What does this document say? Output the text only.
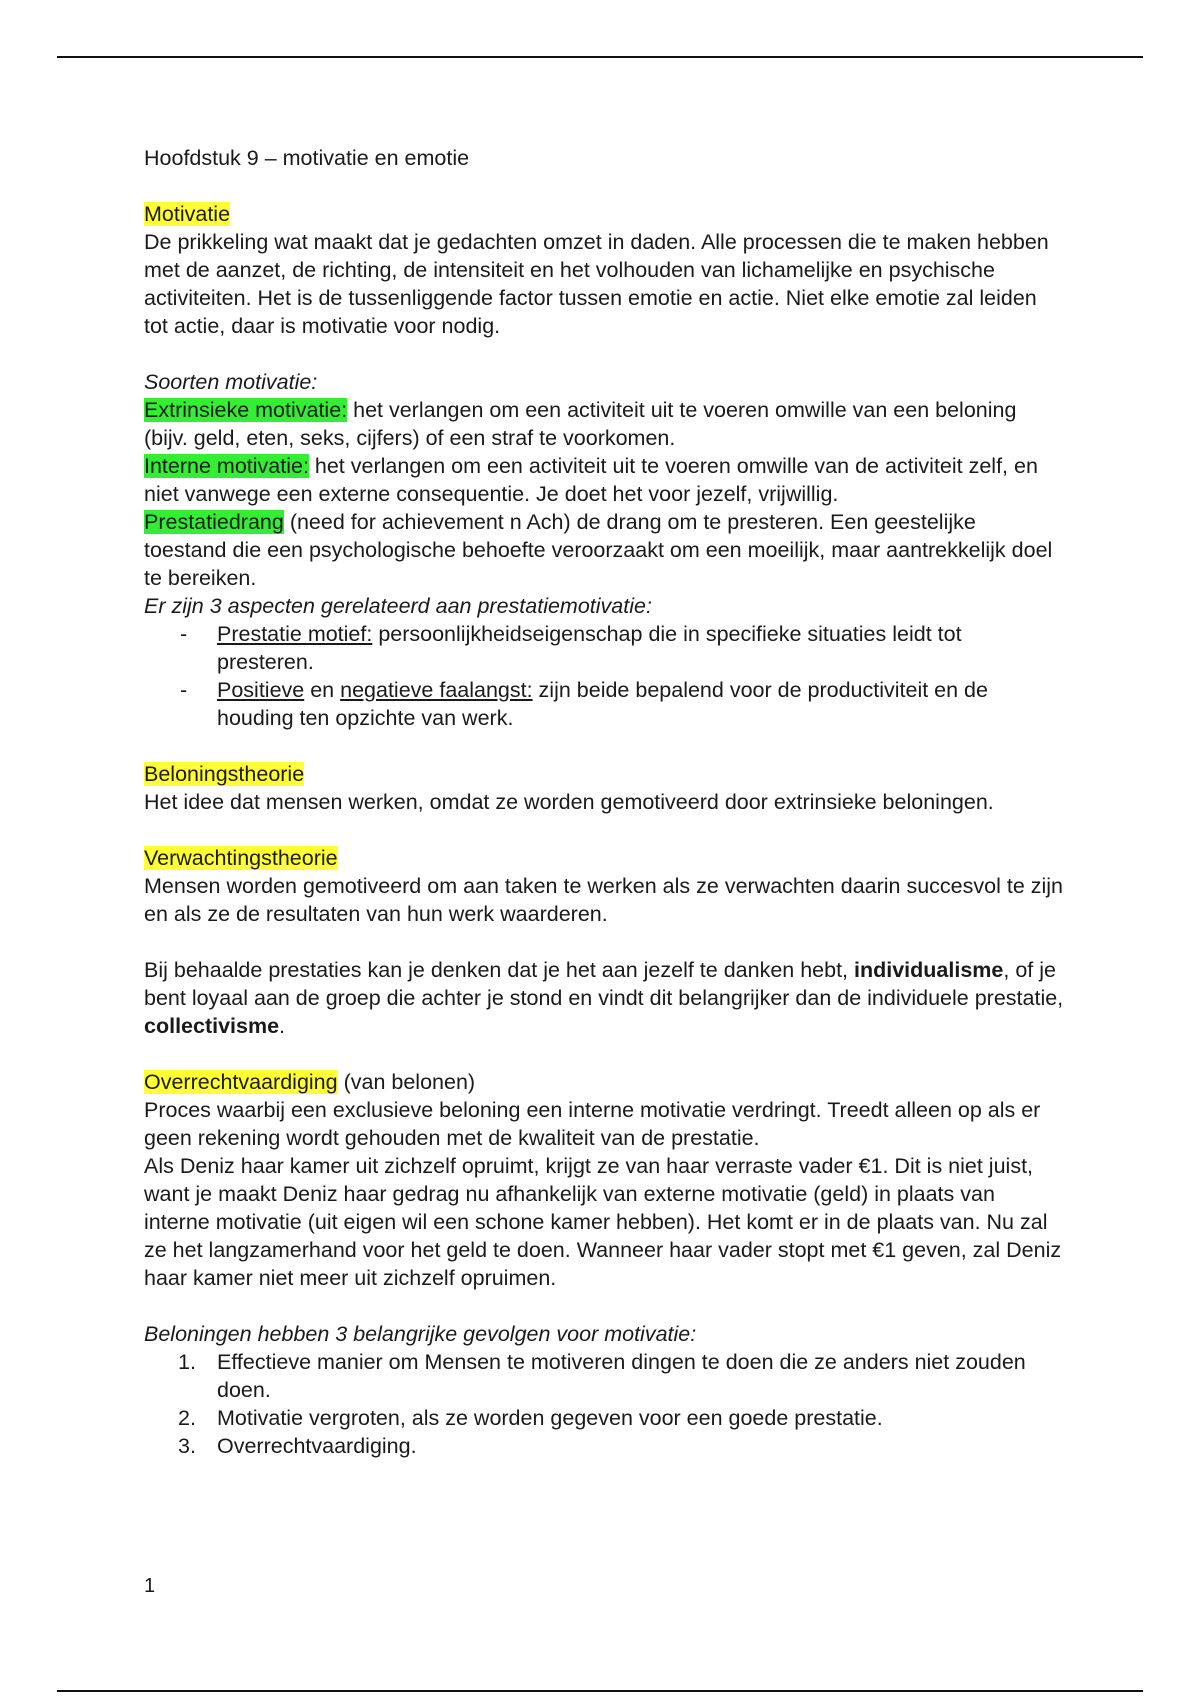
Hoofdstuk 9 – motivatie en emotie

Motivatie
De prikkeling wat maakt dat je gedachten omzet in daden. Alle processen die te maken hebben met de aanzet, de richting, de intensiteit en het volhouden van lichamelijke en psychische activiteiten. Het is de tussenliggende factor tussen emotie en actie. Niet elke emotie zal leiden tot actie, daar is motivatie voor nodig.

Soorten motivatie:

Extrinsieke motivatie: het verlangen om een activiteit uit te voeren omwille van een beloning (bijv. geld, eten, seks, cijfers) of een straf te voorkomen.

Interne motivatie: het verlangen om een activiteit uit te voeren omwille van de activiteit zelf, en niet vanwege een externe consequentie. Je doet het voor jezelf, vrijwillig.

Prestatiedrang (need for achievement n Ach) de drang om te presteren. Een geestelijke toestand die een psychologische behoefte veroorzaakt om een moeilijk, maar aantrekkelijk doel te bereiken.

Er zijn 3 aspecten gerelateerd aan prestatiemotivatie:

- Prestatie motief: persoonlijkheidseigenschap die in specifieke situaties leidt tot presteren.
- Positieve en negatieve faalangst: zijn beide bepalend voor de productiviteit en de houding ten opzichte van werk.

Beloningstheorie
Het idee dat mensen werken, omdat ze worden gemotiveerd door extrinsieke beloningen.

Verwachtingstheorie
Mensen worden gemotiveerd om aan taken te werken als ze verwachten daarin succesvol te zijn en als ze de resultaten van hun werk waarderen.

Bij behaalde prestaties kan je denken dat je het aan jezelf te danken hebt, individualisme, of je bent loyaal aan de groep die achter je stond en vindt dit belangrijker dan de individuele prestatie, collectivisme.

Overrechtvaardiging (van belonen)

Proces waarbij een exclusieve beloning een interne motivatie verdringt. Treedt alleen op als er geen rekening wordt gehouden met de kwaliteit van de prestatie.

Als Deniz haar kamer uit zichzelf opruimt, krijgt ze van haar verraste vader €1. Dit is niet juist, want je maakt Deniz haar gedrag nu afhankelijk van externe motivatie (geld) in plaats van interne motivatie (uit eigen wil een schone kamer hebben). Het komt er in de plaats van. Nu zal ze het langzamerhand voor het geld te doen. Wanneer haar vader stopt met €1 geven, zal Deniz haar kamer niet meer uit zichzelf opruimen.

Beloningen hebben 3 belangrijke gevolgen voor motivatie:

1. Effectieve manier om Mensen te motiveren dingen te doen die ze anders niet zouden doen.
2. Motivatie vergroten, als ze worden gegeven voor een goede prestatie.
3. Overrechtvaardiging.
1
